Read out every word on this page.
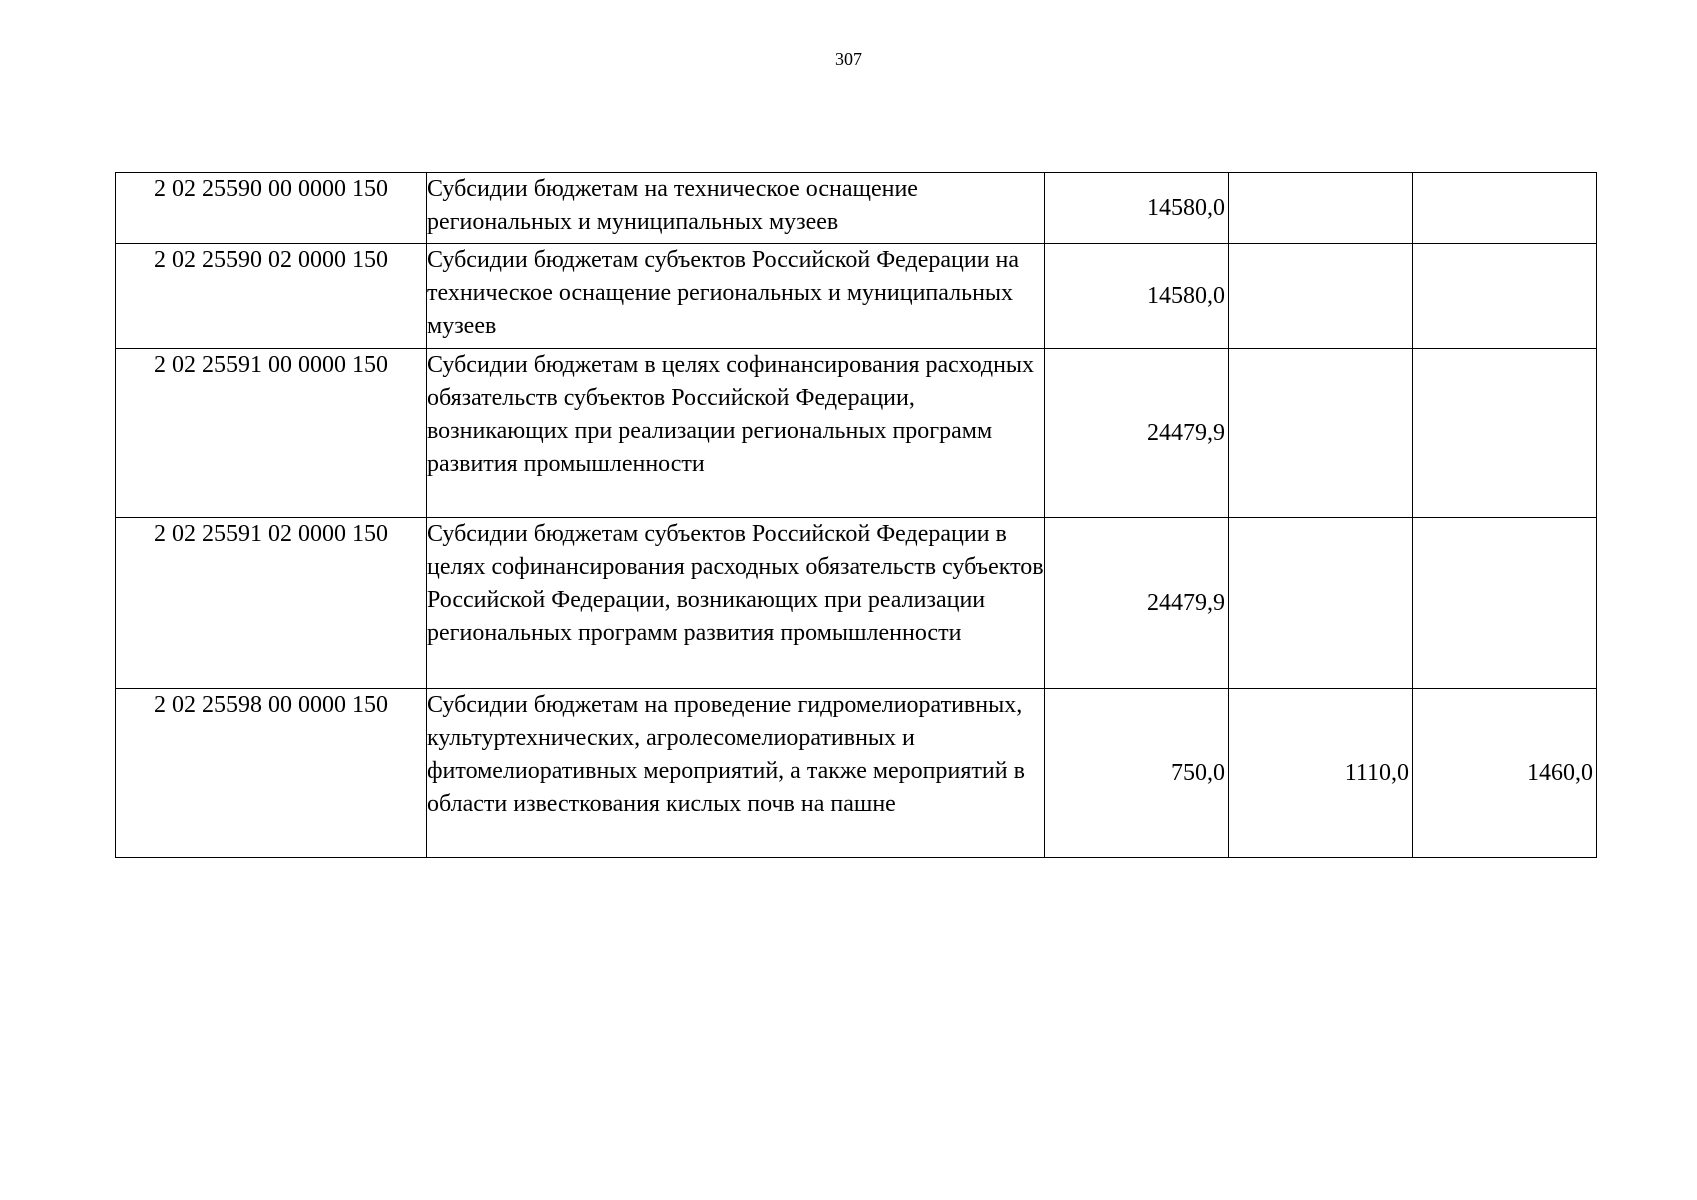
307
2 02 25590 00 0000 150	Субсидии бюджетам на техническое оснащение региональных и муниципальных музеев	14580,0		
2 02 25590 02 0000 150	Субсидии бюджетам субъектов Российской Федерации на техническое оснащение региональных и муниципальных музеев	14580,0		
2 02 25591 00 0000 150	Субсидии бюджетам в целях софинансирования расходных обязательств субъектов Российской Федерации, возникающих при реализации региональных программ развития промышленности	24479,9		
2 02 25591 02 0000 150	Субсидии бюджетам субъектов Российской Федерации в целях софинансирования расходных обязательств субъектов Российской Федерации, возникающих при реализации региональных программ развития промышленности	24479,9		
2 02 25598 00 0000 150	Субсидии бюджетам на проведение гидромелиоративных, культуртехнических, агролесомелиоративных и фитомелиоративных мероприятий, а также мероприятий в области известкования кислых почв на пашне	750,0	1110,0	1460,0
